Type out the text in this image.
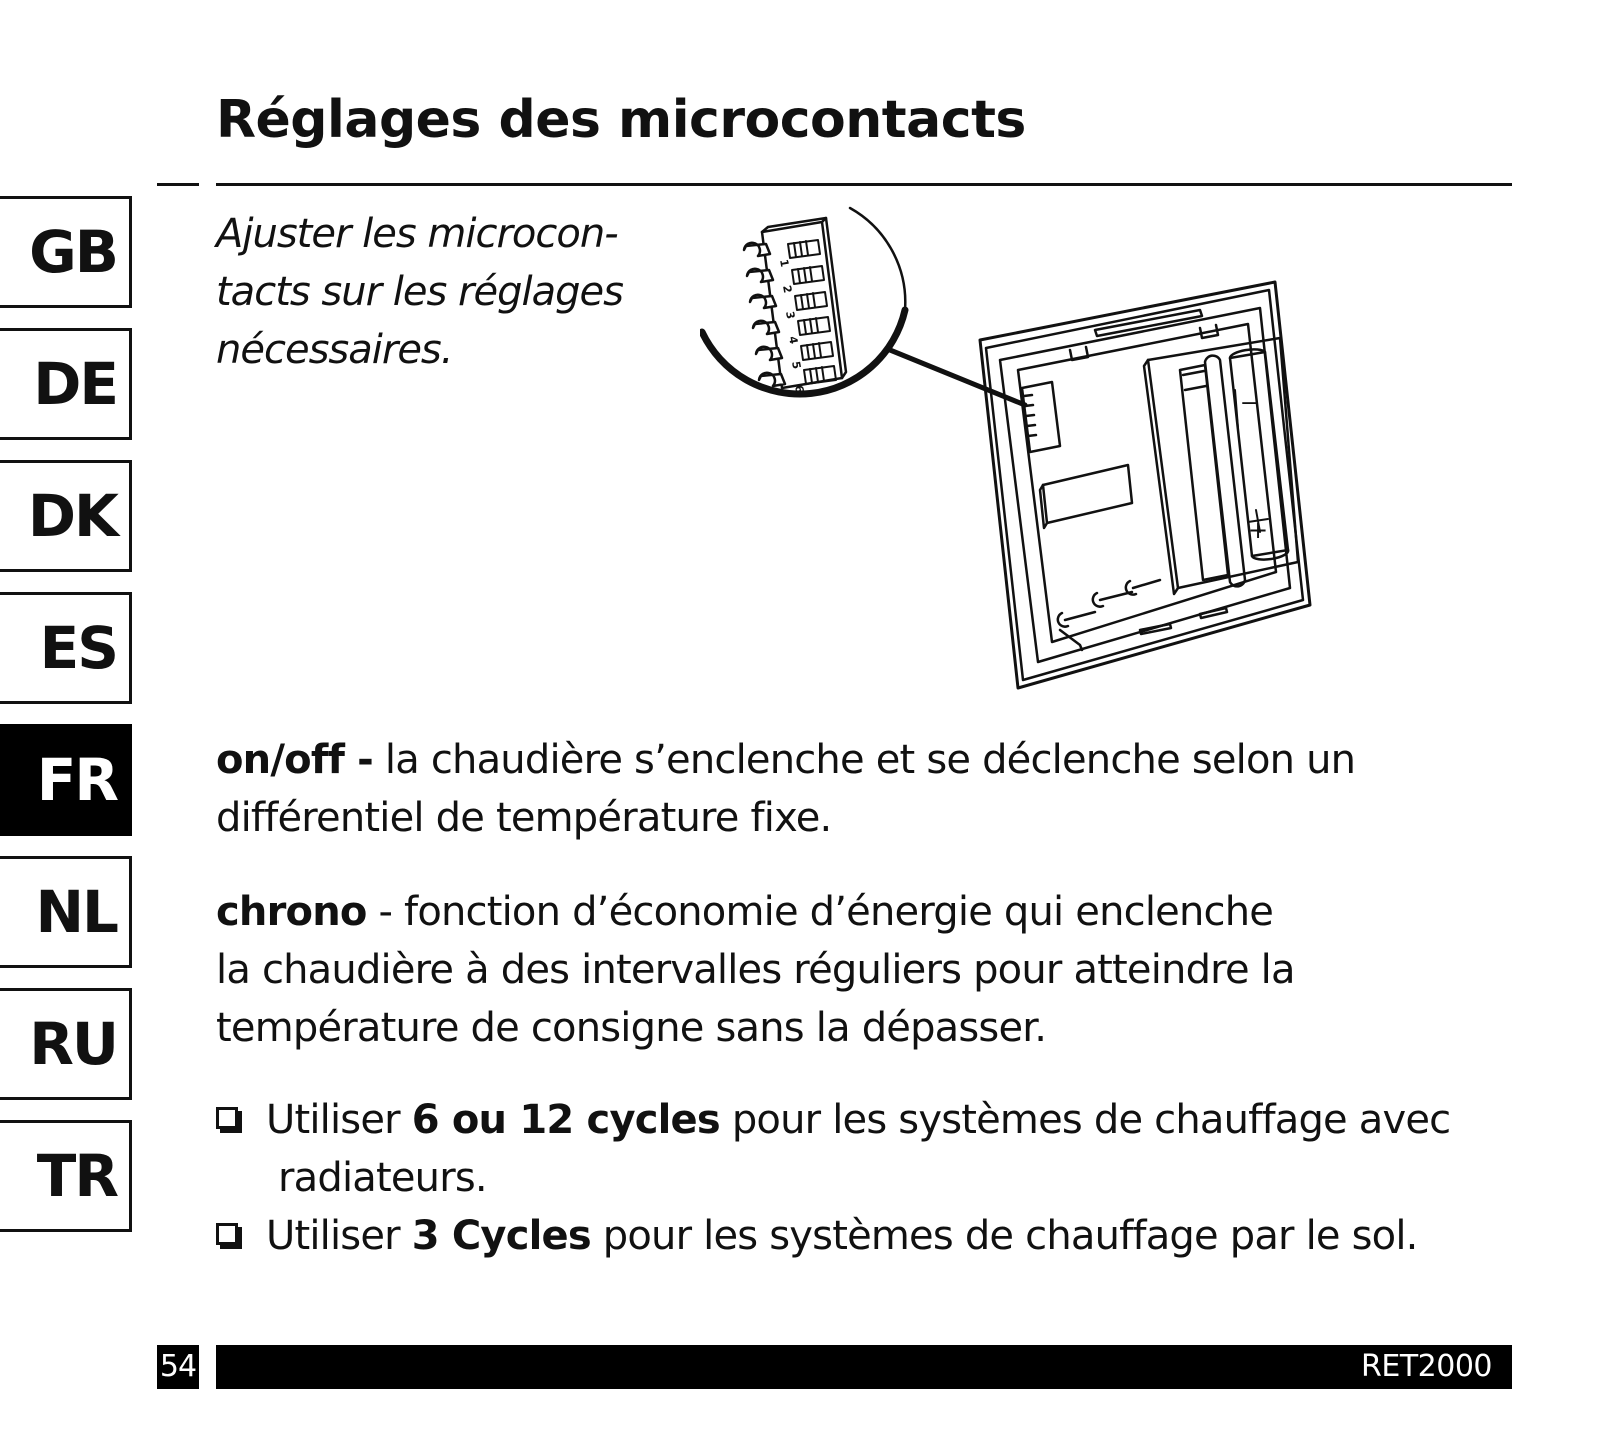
Réglages des microcontacts
GB
DE
DK
ES
FR
NL
RU
TR

Ajuster les microcon-
tacts sur les réglages
nécessaires.

1
2
3
4
5
6
−
+

on/off - la chaudière s’enclenche et se déclenche selon un
différentiel de température fixe.

chrono - fonction d’économie d’énergie qui enclenche
la chaudière à des intervalles réguliers pour atteindre la
température de consigne sans la dépasser.

Utiliser 6 ou 12 cycles pour les systèmes de chauffage avec
radiateurs.

Utiliser 3 Cycles pour les systèmes de chauffage par le sol.

54	RET2000
